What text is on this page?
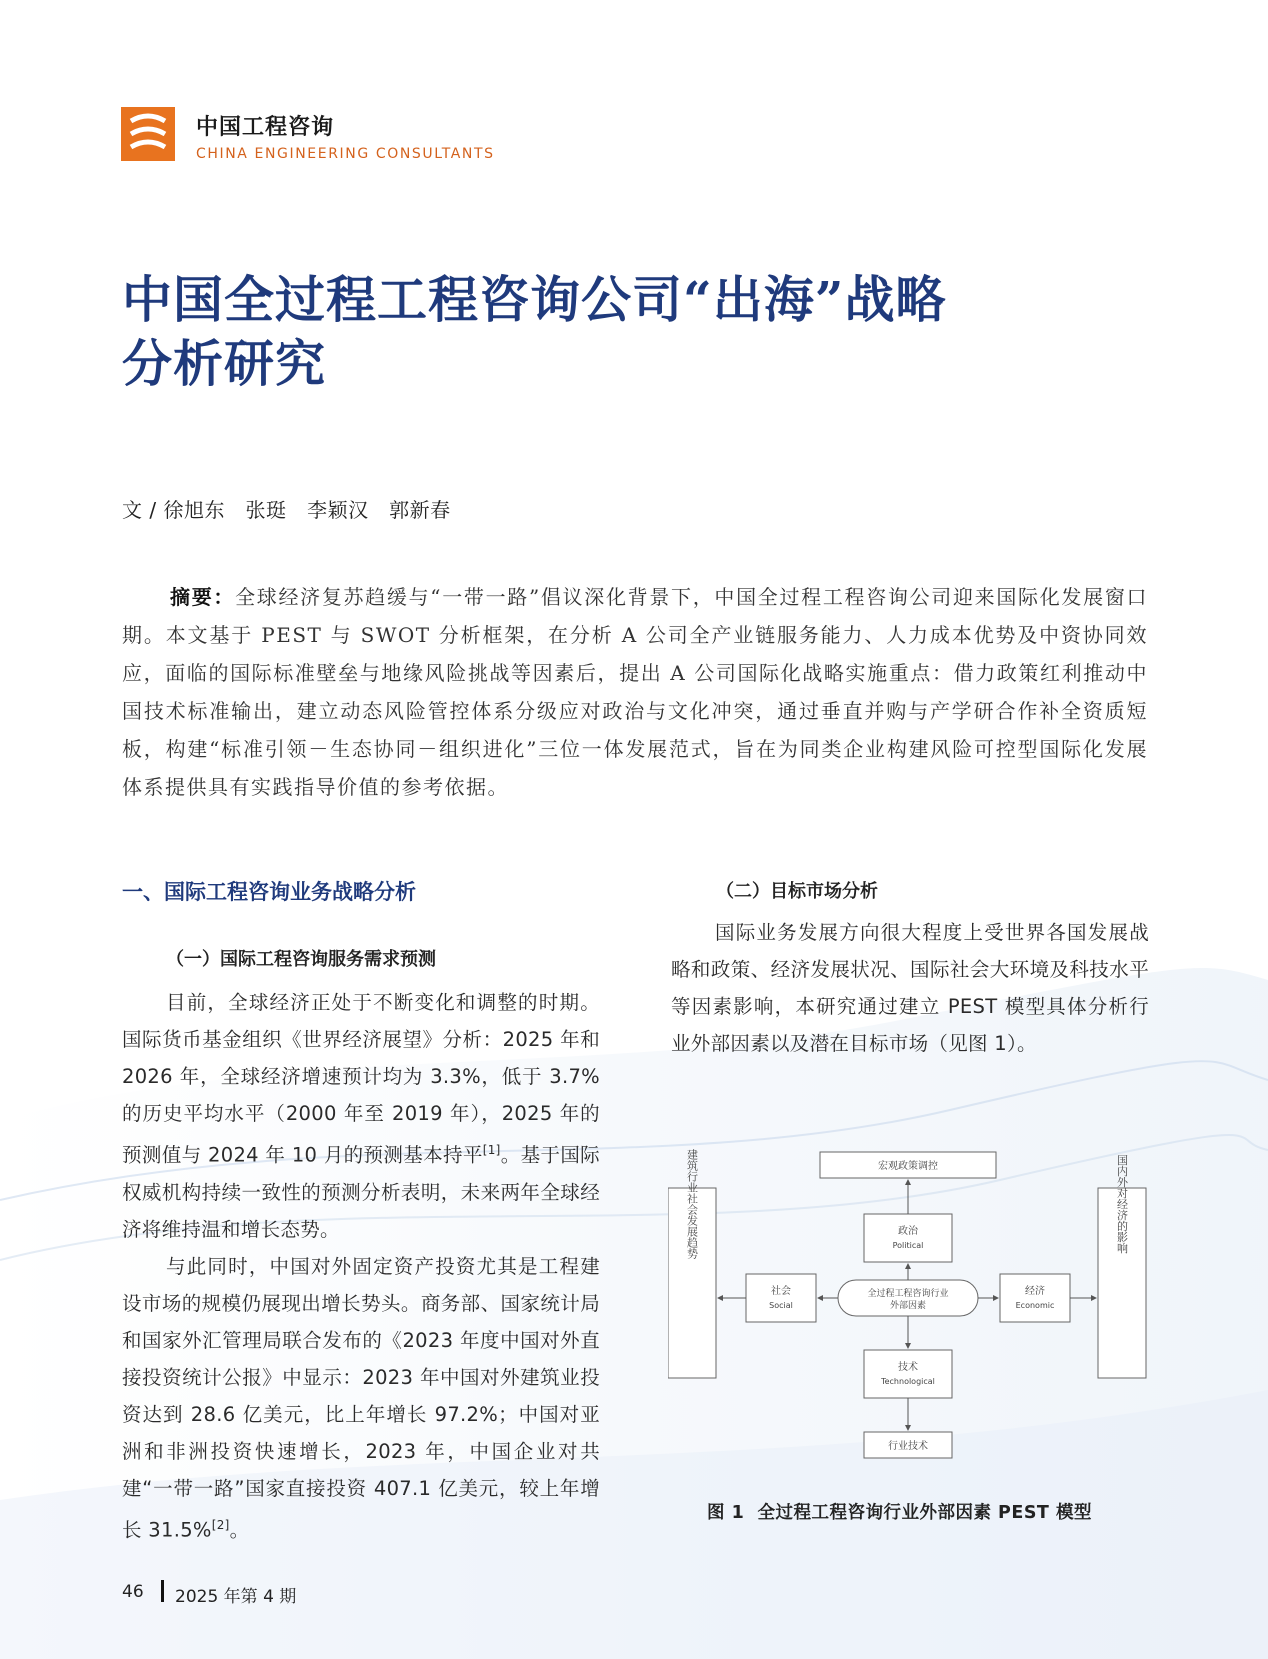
中国工程咨询
CHINA ENGINEERING CONSULTANTS
中国全过程工程咨询公司“出海”战略分析研究
文 / 徐旭东   张珽   李颖汉   郭新春
摘要：全球经济复苏趋缓与“一带一路”倡议深化背景下，中国全过程工程咨询公司迎来国际化发展窗口期。本文基于 PEST 与 SWOT 分析框架，在分析 A 公司全产业链服务能力、人力成本优势及中资协同效应，面临的国际标准壁垒与地缘风险挑战等因素后，提出 A 公司国际化战略实施重点：借力政策红利推动中国技术标准输出，建立动态风险管控体系分级应对政治与文化冲突，通过垂直并购与产学研合作补全资质短板，构建“标准引领－生态协同－组织进化”三位一体发展范式，旨在为同类企业构建风险可控型国际化发展体系提供具有实践指导价值的参考依据。
一、国际工程咨询业务战略分析
（一）国际工程咨询服务需求预测

目前，全球经济正处于不断变化和调整的时期。国际货币基金组织《世界经济展望》分析：2025 年和 2026 年，全球经济增速预计均为 3.3%，低于 3.7% 的历史平均水平（2000 年至 2019 年），2025 年的预测值与 2024 年 10 月的预测基本持平[1]。基于国际权威机构持续一致性的预测分析表明，未来两年全球经济将维持温和增长态势。

与此同时，中国对外固定资产投资尤其是工程建设市场的规模仍展现出增长势头。商务部、国家统计局和国家外汇管理局联合发布的《2023 年度中国对外直接投资统计公报》中显示：2023 年中国对外建筑业投资达到 28.6 亿美元，比上年增长 97.2%；中国对亚洲和非洲投资快速增长，2023 年，中国企业对共建“一带一路”国家直接投资 407.1 亿美元，较上年增长 31.5%[2]。

（二）目标市场分析

国际业务发展方向很大程度上受世界各国发展战略和政策、经济发展状况、国际社会大环境及科技水平等因素影响，本研究通过建立 PEST 模型具体分析行业外部因素以及潜在目标市场（见图 1）。

宏观政策调控
政治
Political
社会
Social
全过程工程咨询行业
外部因素
经济
Economic
技术
Technological
行业技术
建筑行业社会发展趋势	国内外对经济的影响
图 1  全过程工程咨询行业外部因素 PEST 模型
46 2025 年第 4 期
